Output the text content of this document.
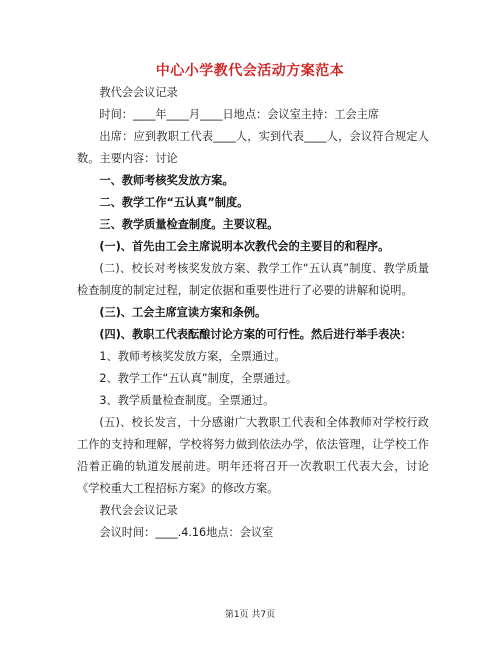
中心小学教代会活动方案范本

教代会会议记录

时间：____年____月____日地点：会议室主持：工会主席

出席：应到教职工代表____人，实到代表____人，会议符合规定人数。主要内容：讨论

一、教师考核奖发放方案。

二、教学工作“五认真”制度。

三、教学质量检查制度。主要议程。

(一)、首先由工会主席说明本次教代会的主要目的和程序。

(二)、校长对考核奖发放方案、教学工作“五认真”制度、教学质量检查制度的制定过程，制定依据和重要性进行了必要的讲解和说明。

(三)、工会主席宣读方案和条例。

(四)、教职工代表酝酿讨论方案的可行性。然后进行举手表决：

1、教师考核奖发放方案，全票通过。

2、教学工作“五认真”制度，全票通过。

3、教学质量检查制度。全票通过。

(五)、校长发言，十分感谢广大教职工代表和全体教师对学校行政工作的支持和理解，学校将努力做到依法办学，依法管理，让学校工作沿着正确的轨道发展前进。明年还将召开一次教职工代表大会，讨论《学校重大工程招标方案》的修改方案。

教代会会议记录

会议时间：____.4.16地点：会议室

第1页 共7页
